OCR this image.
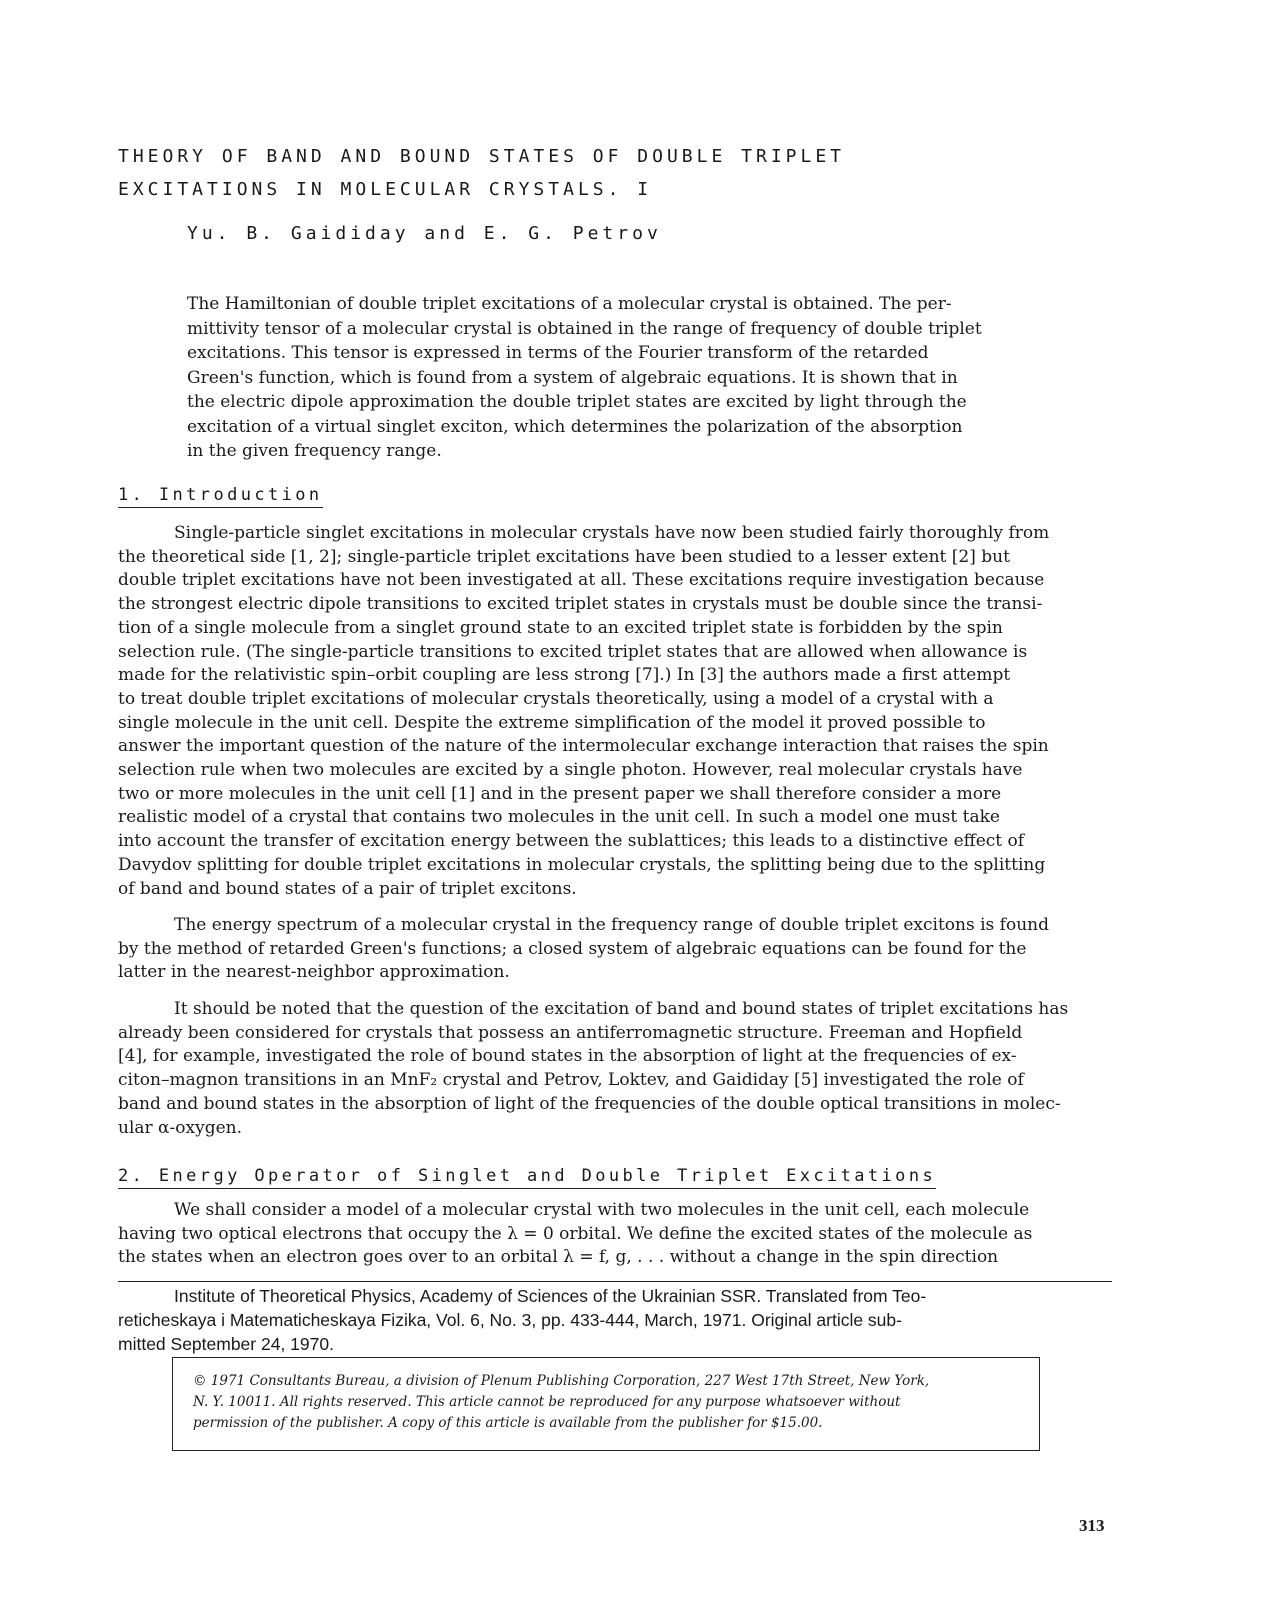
THEORY OF BAND AND BOUND STATES OF DOUBLE TRIPLET
EXCITATIONS IN MOLECULAR CRYSTALS. I
Yu. B. Gaididay and E. G. Petrov

The Hamiltonian of double triplet excitations of a molecular crystal is obtained. The per-
mittivity tensor of a molecular crystal is obtained in the range of frequency of double triplet
excitations. This tensor is expressed in terms of the Fourier transform of the retarded
Green's function, which is found from a system of algebraic equations. It is shown that in
the electric dipole approximation the double triplet states are excited by light through the
excitation of a virtual singlet exciton, which determines the polarization of the absorption
in the given frequency range.

1. Introduction

Single-particle singlet excitations in molecular crystals have now been studied fairly thoroughly from
the theoretical side [1, 2]; single-particle triplet excitations have been studied to a lesser extent [2] but
double triplet excitations have not been investigated at all. These excitations require investigation because
the strongest electric dipole transitions to excited triplet states in crystals must be double since the transi-
tion of a single molecule from a singlet ground state to an excited triplet state is forbidden by the spin
selection rule. (The single-particle transitions to excited triplet states that are allowed when allowance is
made for the relativistic spin–orbit coupling are less strong [7].) In [3] the authors made a first attempt
to treat double triplet excitations of molecular crystals theoretically, using a model of a crystal with a
single molecule in the unit cell. Despite the extreme simplification of the model it proved possible to
answer the important question of the nature of the intermolecular exchange interaction that raises the spin
selection rule when two molecules are excited by a single photon. However, real molecular crystals have
two or more molecules in the unit cell [1] and in the present paper we shall therefore consider a more
realistic model of a crystal that contains two molecules in the unit cell. In such a model one must take
into account the transfer of excitation energy between the sublattices; this leads to a distinctive effect of
Davydov splitting for double triplet excitations in molecular crystals, the splitting being due to the splitting
of band and bound states of a pair of triplet excitons.

The energy spectrum of a molecular crystal in the frequency range of double triplet excitons is found
by the method of retarded Green's functions; a closed system of algebraic equations can be found for the
latter in the nearest-neighbor approximation.

It should be noted that the question of the excitation of band and bound states of triplet excitations has
already been considered for crystals that possess an antiferromagnetic structure. Freeman and Hopfield
[4], for example, investigated the role of bound states in the absorption of light at the frequencies of ex-
citon–magnon transitions in an MnF₂ crystal and Petrov, Loktev, and Gaididay [5] investigated the role of
band and bound states in the absorption of light of the frequencies of the double optical transitions in molec-
ular α-oxygen.

2. Energy Operator of Singlet and Double Triplet Excitations

We shall consider a model of a molecular crystal with two molecules in the unit cell, each molecule
having two optical electrons that occupy the λ = 0 orbital. We define the excited states of the molecule as
the states when an electron goes over to an orbital λ = f, g, . . . without a change in the spin direction

Institute of Theoretical Physics, Academy of Sciences of the Ukrainian SSR. Translated from Teo-
reticheskaya i Matematicheskaya Fizika, Vol. 6, No. 3, pp. 433-444, March, 1971. Original article sub-
mitted September 24, 1970.

© 1971 Consultants Bureau, a division of Plenum Publishing Corporation, 227 West 17th Street, New York,
N. Y. 10011. All rights reserved. This article cannot be reproduced for any purpose whatsoever without
permission of the publisher. A copy of this article is available from the publisher for $15.00.

313
